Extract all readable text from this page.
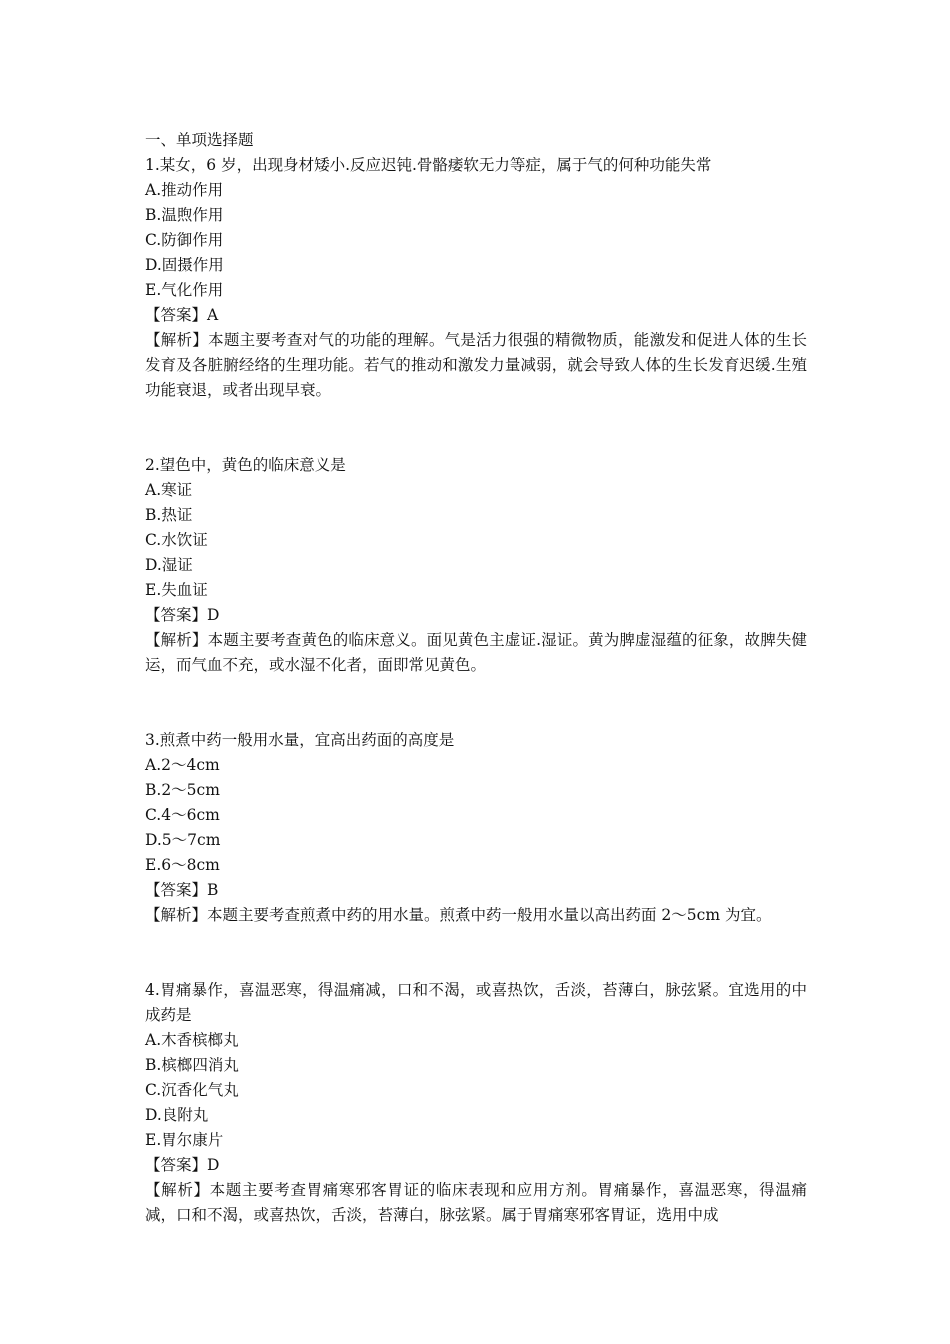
一、单项选择题
1.某女，6 岁，出现身材矮小.反应迟钝.骨骼痿软无力等症，属于气的何种功能失常
A.推动作用
B.温煦作用
C.防御作用
D.固摄作用
E.气化作用
【答案】A
【解析】本题主要考查对气的功能的理解。气是活力很强的精微物质，能激发和促进人体的生长发育及各脏腑经络的生理功能。若气的推动和激发力量减弱，就会导致人体的生长发育迟缓.生殖功能衰退，或者出现早衰。
2.望色中，黄色的临床意义是
A.寒证
B.热证
C.水饮证
D.湿证
E.失血证
【答案】D
【解析】本题主要考查黄色的临床意义。面见黄色主虚证.湿证。黄为脾虚湿蕴的征象，故脾失健运，而气血不充，或水湿不化者，面即常见黄色。
3.煎煮中药一般用水量，宜高出药面的高度是
A.2～4cm
B.2～5cm
C.4～6cm
D.5～7cm
E.6～8cm
【答案】B
【解析】本题主要考查煎煮中药的用水量。煎煮中药一般用水量以高出药面 2～5cm 为宜。
4.胃痛暴作，喜温恶寒，得温痛减，口和不渴，或喜热饮，舌淡，苔薄白，脉弦紧。宜选用的中成药是
A.木香槟榔丸
B.槟榔四消丸
C.沉香化气丸
D.良附丸
E.胃尔康片
【答案】D
【解析】本题主要考查胃痛寒邪客胃证的临床表现和应用方剂。胃痛暴作，喜温恶寒，得温痛减，口和不渴，或喜热饮，舌淡，苔薄白，脉弦紧。属于胃痛寒邪客胃证，选用中成
